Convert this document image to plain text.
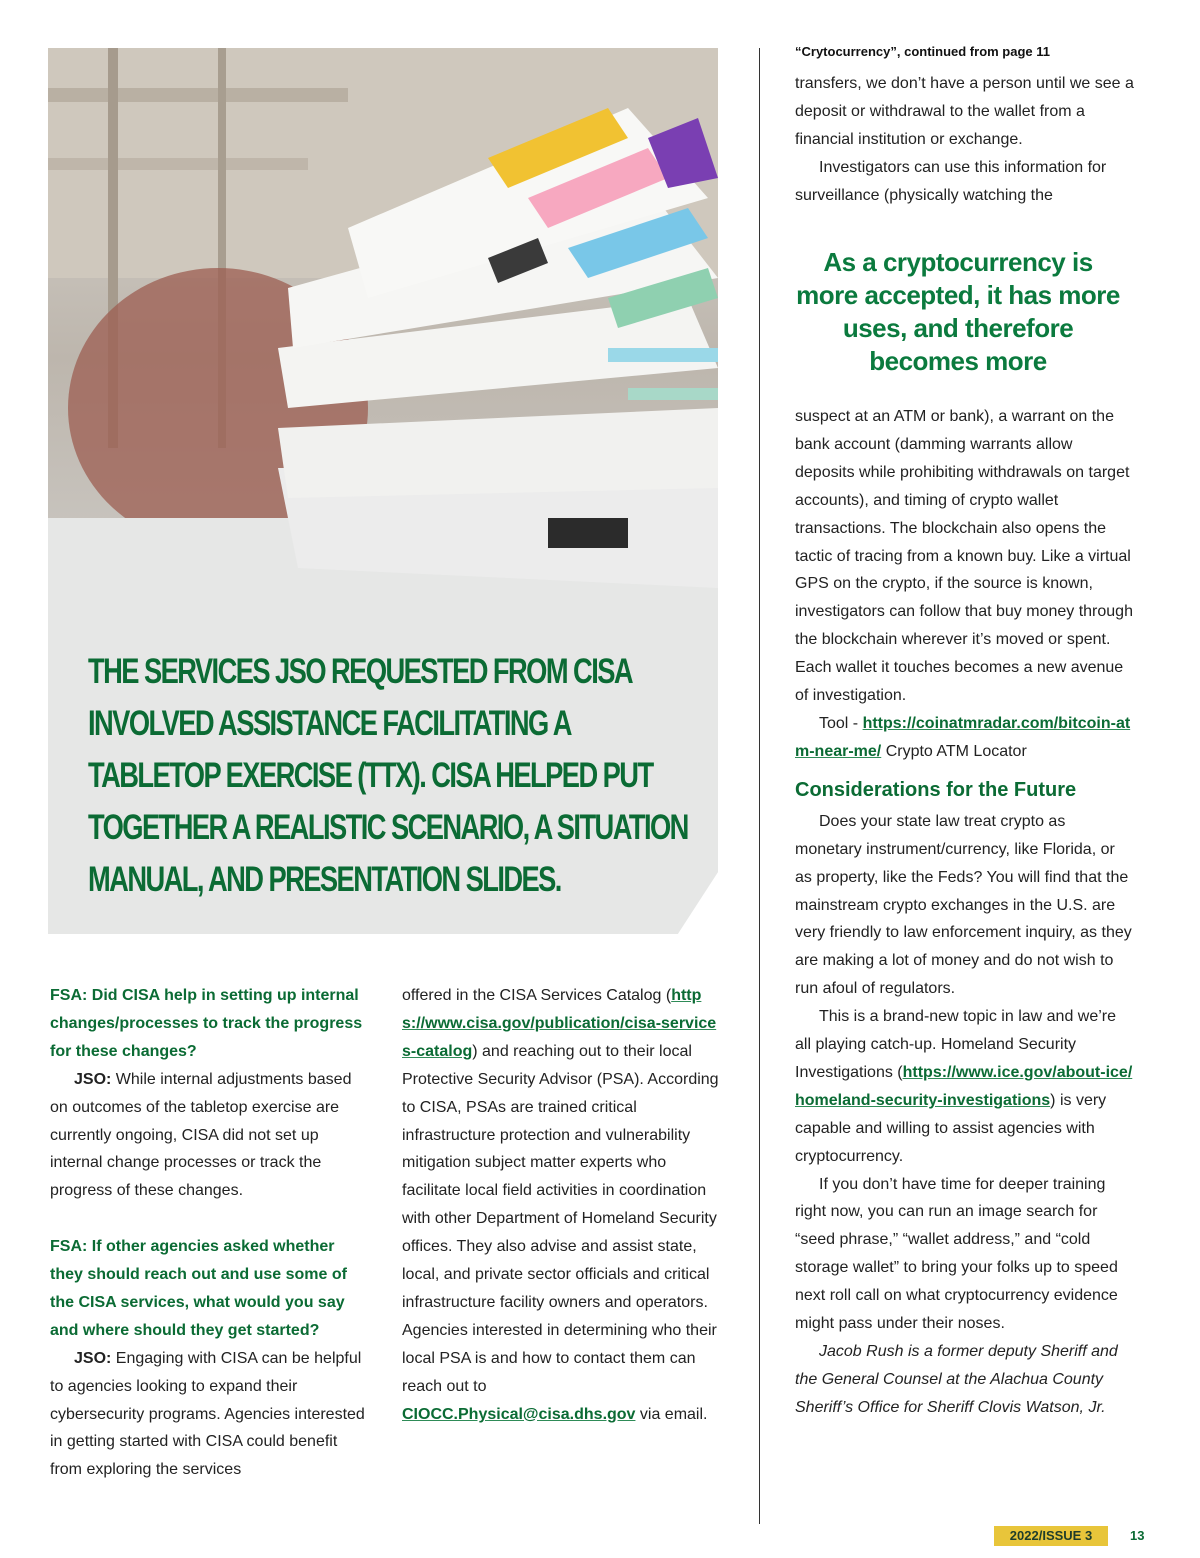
THE SERVICES JSO REQUESTED FROM CISA INVOLVED ASSISTANCE FACILITATING A TABLETOP EXERCISE (TTX). CISA HELPED PUT TOGETHER A REALISTIC SCENARIO, A SITUATION MANUAL, AND PRESENTATION SLIDES.

FSA: Did CISA help in setting up internal changes/processes to track the progress for these changes?

JSO: While internal adjustments based on outcomes of the tabletop exercise are currently ongoing, CISA did not set up internal change processes or track the progress of these changes.

FSA: If other agencies asked whether they should reach out and use some of the CISA services, what would you say and where should they get started?

JSO: Engaging with CISA can be helpful to agencies looking to expand their cybersecurity programs. Agencies interested in getting started with CISA could benefit from exploring the services

offered in the CISA Services Catalog (https://www.cisa.gov/publication/cisa-services-catalog) and reaching out to their local Protective Security Advisor (PSA). According to CISA, PSAs are trained critical infrastructure protection and vulnerability mitigation subject matter experts who facilitate local field activities in coordination with other Department of Homeland Security offices. They also advise and assist state, local, and private sector officials and critical infrastructure facility owners and operators. Agencies interested in determining who their local PSA is and how to contact them can reach out to CIOCC.Physical@cisa.dhs.gov via email.

“Crytocurrency”, continued from page 11

transfers, we don’t have a person until we see a deposit or withdrawal to the wallet from a financial institution or exchange.

Investigators can use this information for surveillance (physically watching the

As a cryptocurrency is more accepted, it has more uses, and therefore becomes more

suspect at an ATM or bank), a warrant on the bank account (damming warrants allow deposits while prohibiting withdrawals on target accounts), and timing of crypto wallet transactions. The blockchain also opens the tactic of tracing from a known buy. Like a virtual GPS on the crypto, if the source is known, investigators can follow that buy money through the blockchain wherever it’s moved or spent. Each wallet it touches becomes a new avenue of investigation.

Tool - https://coinatmradar.com/bitcoin-atm-near-me/ Crypto ATM Locator

Considerations for the Future

Does your state law treat crypto as monetary instrument/currency, like Florida, or as property, like the Feds? You will find that the mainstream crypto exchanges in the U.S. are very friendly to law enforcement inquiry, as they are making a lot of money and do not wish to run afoul of regulators.

This is a brand-new topic in law and we’re all playing catch-up. Homeland Security Investigations (https://www.ice.gov/about-ice/homeland-security-investigations) is very capable and willing to assist agencies with cryptocurrency.

If you don’t have time for deeper training right now, you can run an image search for “seed phrase,” “wallet address,” and “cold storage wallet” to bring your folks up to speed next roll call on what cryptocurrency evidence might pass under their noses.

Jacob Rush is a former deputy Sheriff and the General Counsel at the Alachua County Sheriff’s Office for Sheriff Clovis Watson, Jr.

2022/ISSUE 3	13
